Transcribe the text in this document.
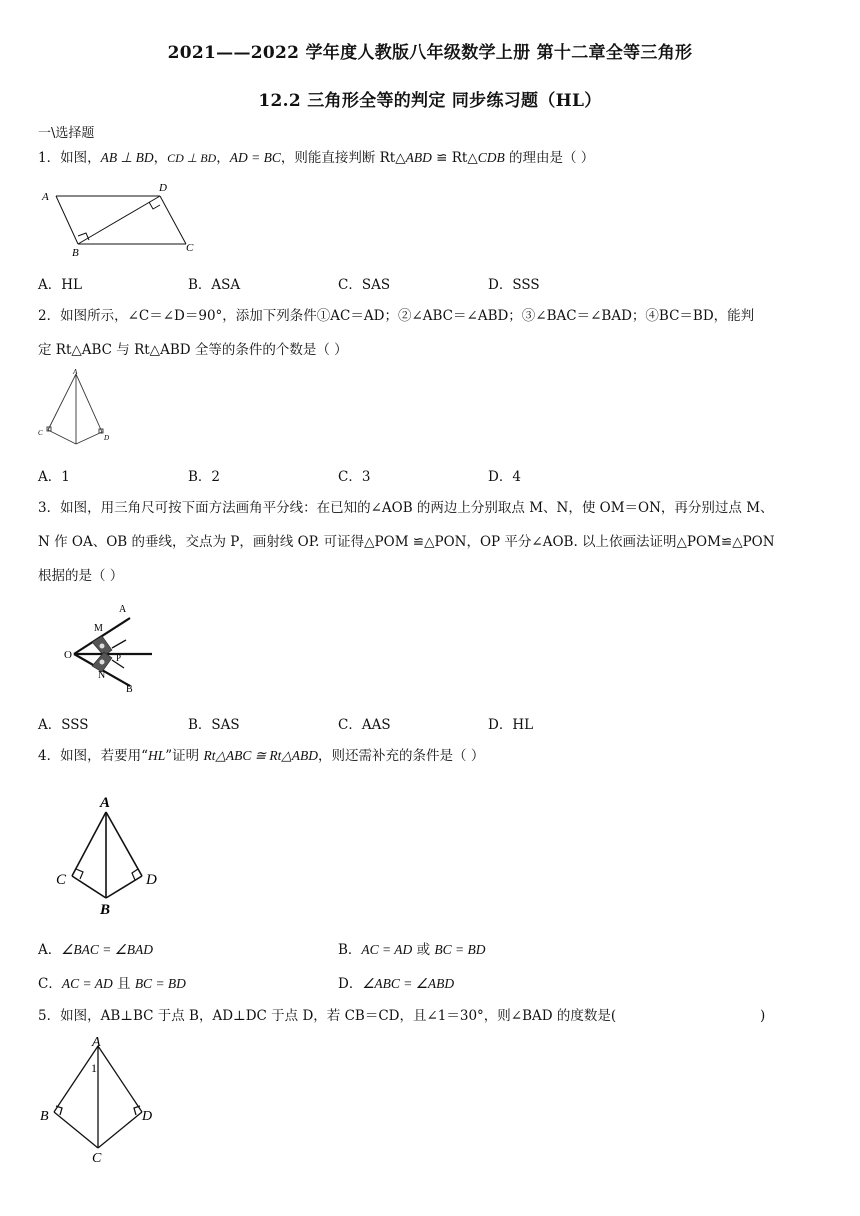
2021——2022 学年度人教版八年级数学上册 第十二章全等三角形
12.2 三角形全等的判定 同步练习题（HL）
一\选择题
1．如图，AB ⊥ BD，CD ⊥ BD，AD = BC，则能直接判断 Rt△ABD ≌ Rt△CDB 的理由是（ ）
A
D
B	C
A．HL	B．ASA	C．SAS	D．SSS
2．如图所示，∠C＝∠D＝90°，添加下列条件①AC＝AD；②∠ABC＝∠ABD；③∠BAC＝∠BAD；④BC＝BD，能判
定 Rt△ABC 与 Rt△ABD 全等的条件的个数是（ ）
A
C
D
A．1	B．2	C．3	D．4
3．如图，用三角尺可按下面方法画角平分线：在已知的∠AOB 的两边上分别取点 M、N，使 OM＝ON，再分别过点 M、
N 作 OA、OB 的垂线，交点为 P，画射线 OP. 可证得△POM ≌△PON，OP 平分∠AOB. 以上依画法证明△POM≌△PON
根据的是（ ）
A
M
O	P
N
B
A．SSS	B．SAS	C．AAS	D．HL
4．如图，若要用“HL”证明 Rt△ABC ≅ Rt△ABD，则还需补充的条件是（ ）
A
C	D
B
A．∠BAC = ∠BAD	B．AC = AD 或 BC = BD
C．AC = AD 且 BC = BD	D．∠ABC = ∠ABD
5．如图，AB⊥BC 于点 B，AD⊥DC 于点 D，若 CB＝CD，且∠1＝30°，则∠BAD 的度数是(	)
A
1
B	D
C
